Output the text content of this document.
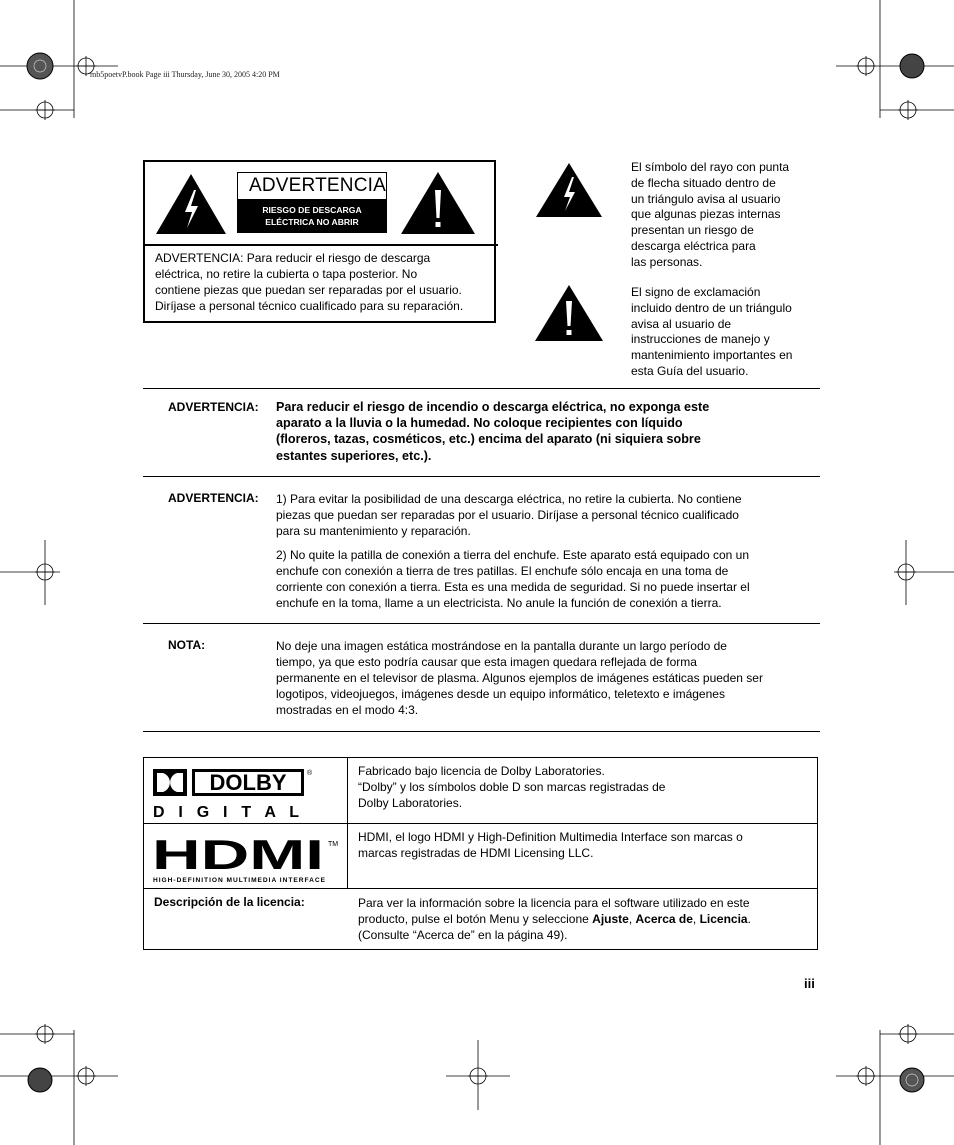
mb5poetvP.book Page iii Thursday, June 30, 2005 4:20 PM
ADVERTENCIA
RIESGO DE DESCARGA
ELÉCTRICA NO ABRIR
ADVERTENCIA: Para reducir el riesgo de descarga
eléctrica, no retire la cubierta o tapa posterior. No
contiene piezas que puedan ser reparadas por el usuario.
Diríjase a personal técnico cualificado para su reparación.
El símbolo del rayo con punta
de flecha situado dentro de
un triángulo avisa al usuario
que algunas piezas internas
presentan un riesgo de
descarga eléctrica para
las personas.
El signo de exclamación
incluido dentro de un triángulo
avisa al usuario de
instrucciones de manejo y
mantenimiento importantes en
esta Guía del usuario.
ADVERTENCIA: Para reducir el riesgo de incendio o descarga eléctrica, no exponga este
aparato a la lluvia o la humedad. No coloque recipientes con líquido
(floreros, tazas, cosméticos, etc.) encima del aparato (ni siquiera sobre
estantes superiores, etc.).
ADVERTENCIA: 1) Para evitar la posibilidad de una descarga eléctrica, no retire la cubierta. No contiene
piezas que puedan ser reparadas por el usuario. Diríjase a personal técnico cualificado
para su mantenimiento y reparación.
2) No quite la patilla de conexión a tierra del enchufe. Este aparato está equipado con un
enchufe con conexión a tierra de tres patillas. El enchufe sólo encaja en una toma de
corriente con conexión a tierra. Esta es una medida de seguridad. Si no puede insertar el
enchufe en la toma, llame a un electricista. No anule la función de conexión a tierra.
NOTA:	No deje una imagen estática mostrándose en la pantalla durante un largo período de
tiempo, ya que esto podría causar que esta imagen quedara reflejada de forma
permanente en el televisor de plasma. Algunos ejemplos de imágenes estáticas pueden ser
logotipos, videojuegos, imágenes desde un equipo informático, teletexto e imágenes
mostradas en el modo 4:3.
DOLBY	®
D I G I T A L
Fabricado bajo licencia de Dolby Laboratories.
“Dolby” y los símbolos doble D son marcas registradas de
Dolby Laboratories.
HDMI TM
HIGH-DEFINITION MULTIMEDIA INTERFACE
HDMI, el logo HDMI y High-Definition Multimedia Interface son marcas o
marcas registradas de HDMI Licensing LLC.
Descripción de la licencia:	Para ver la información sobre la licencia para el software utilizado en este
producto, pulse el botón Menu y seleccione Ajuste, Acerca de, Licencia.
(Consulte “Acerca de” en la página 49).
iii
